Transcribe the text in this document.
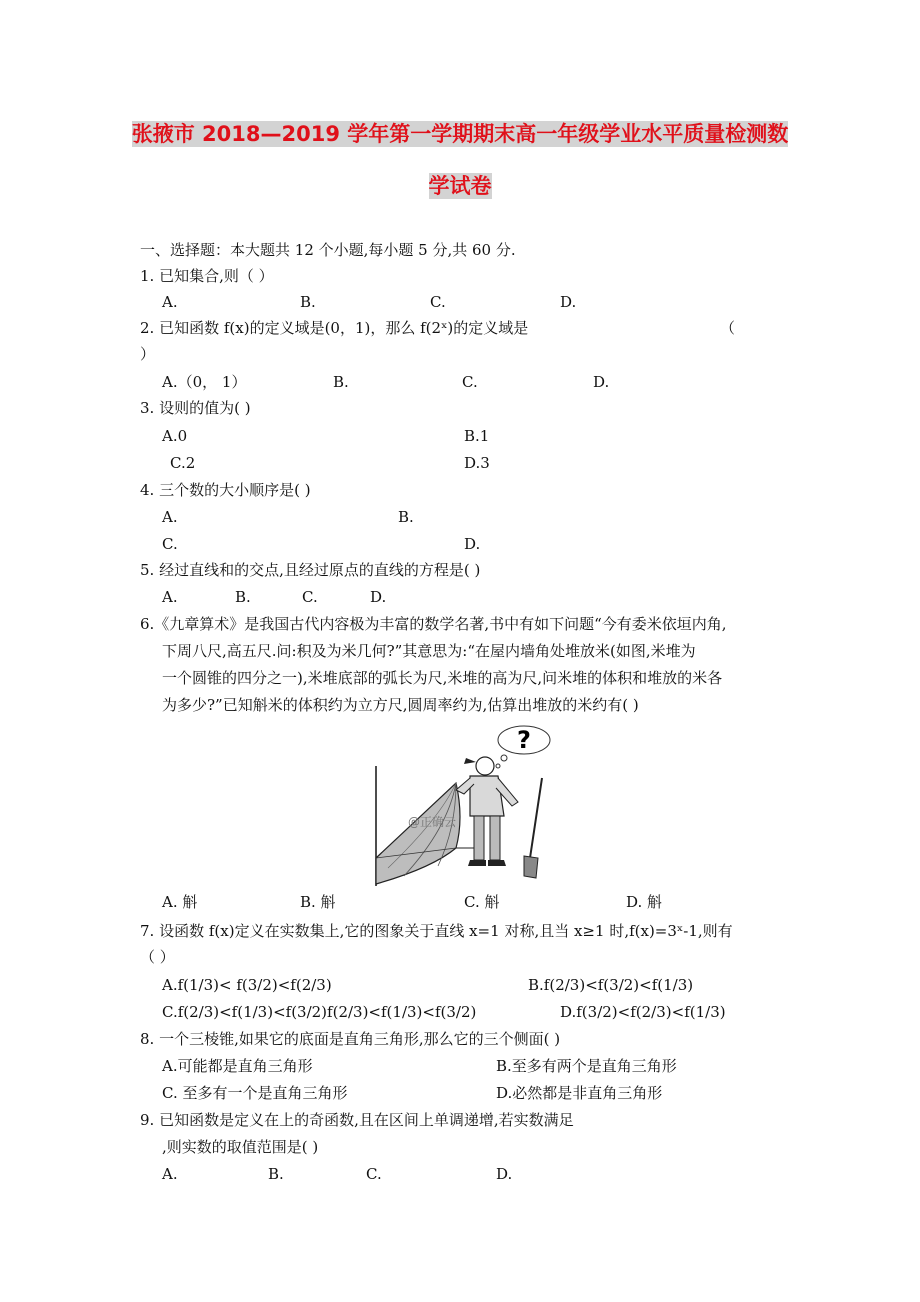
张掖市 2018—2019 学年第一学期期末高一年级学业水平质量检测数
学试卷
一、选择题：本大题共 12 个小题,每小题 5 分,共 60 分.
1. 已知集合,则（ ）
A.	B.	C.	D.
2. 已知函数 f(x)的定义域是(0，1)，那么 f(2ˣ)的定义域是	（
）
A.（0， 1）	B.	C.	D.
3. 设则的值为( )
A.0	B.1
C.2	D.3
4. 三个数的大小顺序是( )
A.	B.
C.	D.
5. 经过直线和的交点,且经过原点的直线的方程是( )
A.	B.	C.	D.
6.《九章算术》是我国古代内容极为丰富的数学名著,书中有如下问题“今有委米依垣内角,
下周八尺,高五尺.问:积及为米几何?”其意思为:“在屋内墙角处堆放米(如图,米堆为
一个圆锥的四分之一),米堆底部的弧长为尺,米堆的高为尺,问米堆的体积和堆放的米各
为多少?”已知斛米的体积约为立方尺,圆周率约为,估算出堆放的米约有( )
?
@正确云
A. 斛	B. 斛	C. 斛	D. 斛
7. 设函数 f(x)定义在实数集上,它的图象关于直线 x=1 对称,且当 x≥1 时,f(x)=3ˣ-1,则有
（ ）
A.f(1/3)< f(3/2)<f(2/3)	B.f(2/3)<f(3/2)<f(1/3)
C.f(2/3)<f(1/3)<f(3/2)f(2/3)<f(1/3)<f(3/2)	D.f(3/2)<f(2/3)<f(1/3)
8. 一个三棱锥,如果它的底面是直角三角形,那么它的三个侧面( )
A.可能都是直角三角形	B.至多有两个是直角三角形
C. 至多有一个是直角三角形	D.必然都是非直角三角形
9. 已知函数是定义在上的奇函数,且在区间上单调递增,若实数满足
,则实数的取值范围是( )
A.	B.	C.	D.
